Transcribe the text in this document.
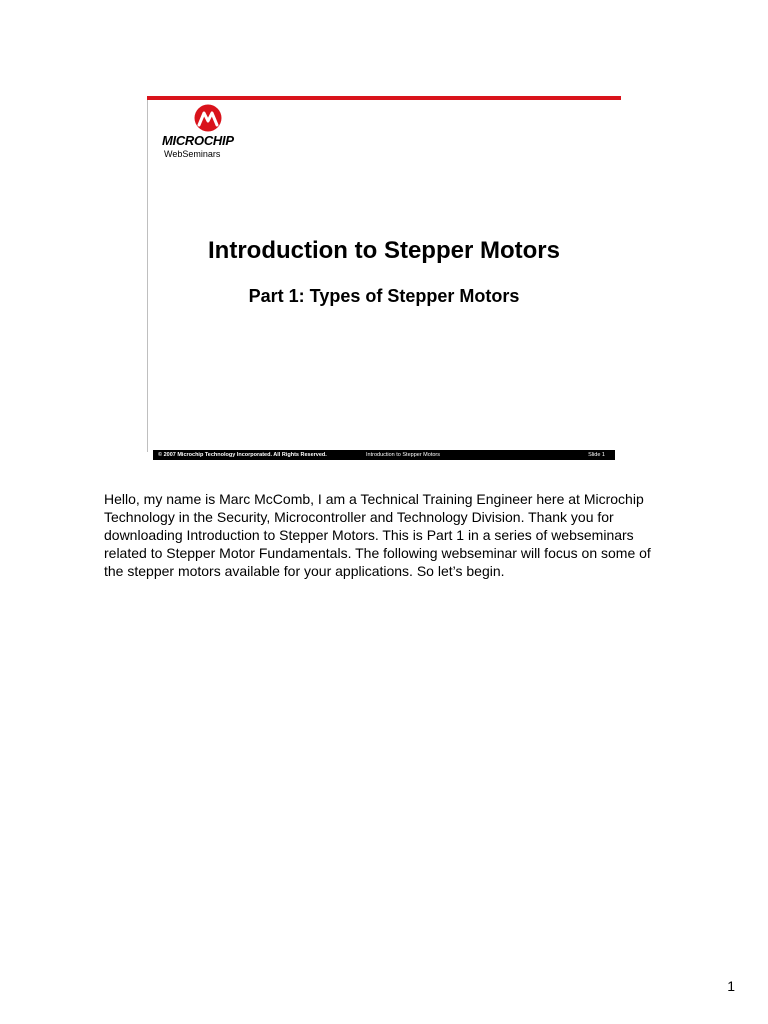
MICROCHIP
WebSeminars
Introduction to Stepper Motors
Part 1: Types of Stepper Motors
© 2007 Microchip Technology Incorporated. All Rights Reserved.	Introduction to Stepper Motors	Slide 1

Hello, my name is Marc McComb, I am a Technical Training Engineer here at Microchip Technology in the Security, Microcontroller and Technology Division. Thank you for downloading Introduction to Stepper Motors. This is Part 1 in a series of webseminars related to Stepper Motor Fundamentals. The following webseminar will focus on some of the stepper motors available for your applications. So let’s begin.

1
